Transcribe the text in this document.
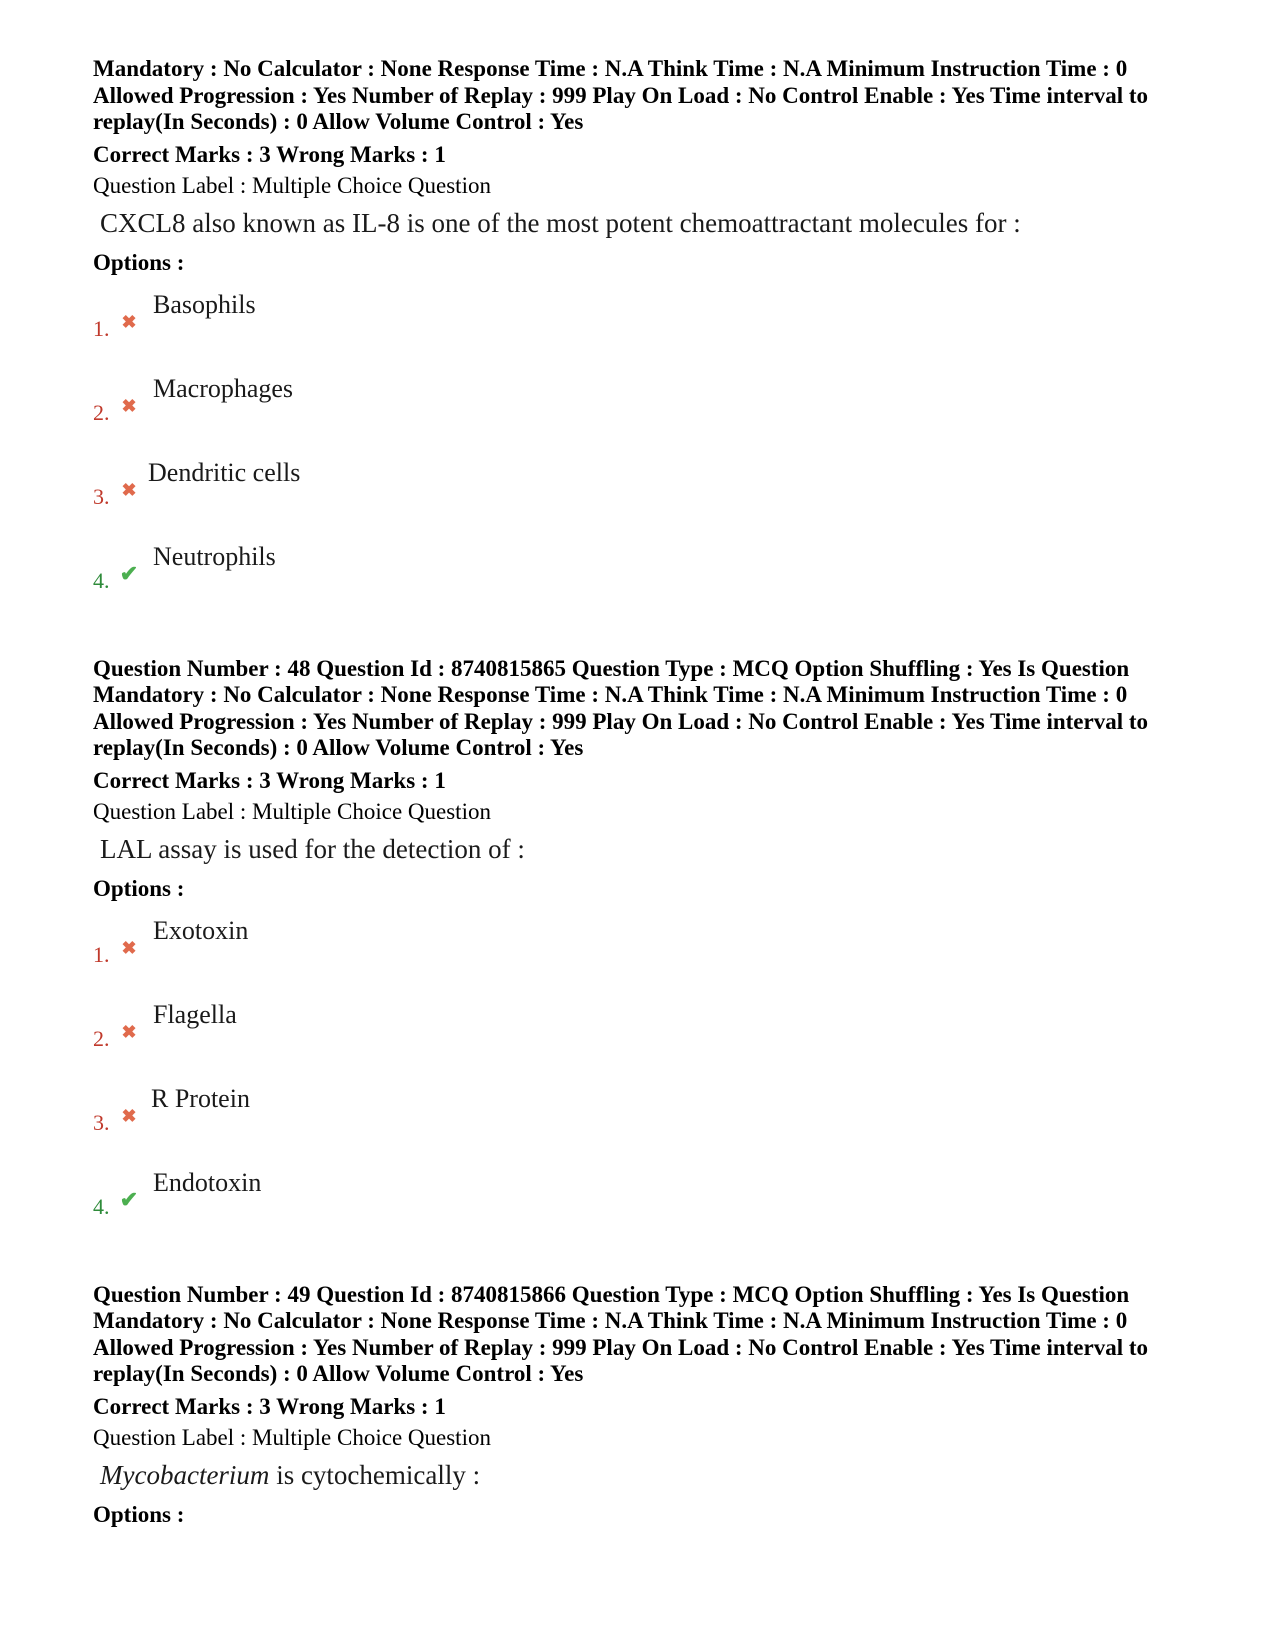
Mandatory : No Calculator : None Response Time : N.A Think Time : N.A Minimum Instruction Time : 0

Allowed Progression : Yes Number of Replay : 999 Play On Load : No Control Enable : Yes Time interval to

replay(In Seconds) : 0 Allow Volume Control : Yes

Correct Marks : 3 Wrong Marks : 1
Question Label : Multiple Choice Question
CXCL8 also known as IL-8 is one of the most potent chemoattractant molecules for :
Options :
1. ✖
Basophils
2. ✖
Macrophages
3. ✖
Dendritic cells
4. ✔
Neutrophils

Question Number : 48 Question Id : 8740815865 Question Type : MCQ Option Shuffling : Yes Is Question

Mandatory : No Calculator : None Response Time : N.A Think Time : N.A Minimum Instruction Time : 0

Allowed Progression : Yes Number of Replay : 999 Play On Load : No Control Enable : Yes Time interval to

replay(In Seconds) : 0 Allow Volume Control : Yes

Correct Marks : 3 Wrong Marks : 1
Question Label : Multiple Choice Question
LAL assay is used for the detection of :
Options :
1. ✖
Exotoxin
2. ✖
Flagella
3. ✖
R Protein
4. ✔
Endotoxin

Question Number : 49 Question Id : 8740815866 Question Type : MCQ Option Shuffling : Yes Is Question

Mandatory : No Calculator : None Response Time : N.A Think Time : N.A Minimum Instruction Time : 0

Allowed Progression : Yes Number of Replay : 999 Play On Load : No Control Enable : Yes Time interval to

replay(In Seconds) : 0 Allow Volume Control : Yes

Correct Marks : 3 Wrong Marks : 1
Question Label : Multiple Choice Question
Mycobacterium is cytochemically :
Options :
